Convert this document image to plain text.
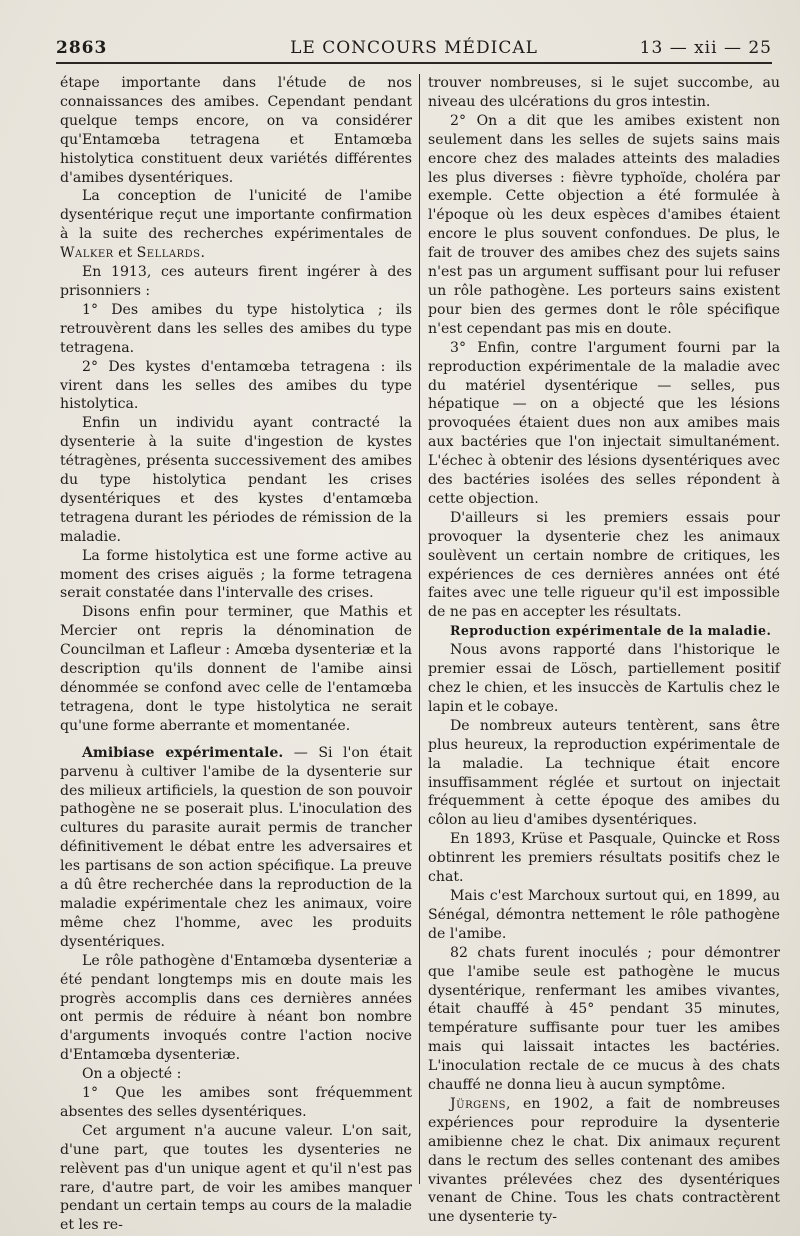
2863	LE CONCOURS MÉDICAL	13 — xii — 25

étape importante dans l'étude de nos connaissances des amibes. Cependant pendant quelque temps encore, on va considérer qu'Entamœba tetragena et Entamœba histolytica constituent deux variétés différentes d'amibes dysentériques.

La conception de l'unicité de l'amibe dysentérique reçut une importante confirmation à la suite des recherches expérimentales de Walker et Sellards.

En 1913, ces auteurs firent ingérer à des prisonniers :

1° Des amibes du type histolytica ; ils retrouvèrent dans les selles des amibes du type tetragena.

2° Des kystes d'entamœba tetragena : ils virent dans les selles des amibes du type histolytica.

Enfin un individu ayant contracté la dysenterie à la suite d'ingestion de kystes tétragènes, présenta successivement des amibes du type histolytica pendant les crises dysentériques et des kystes d'entamœba tetragena durant les périodes de rémission de la maladie.

La forme histolytica est une forme active au moment des crises aiguës ; la forme tetragena serait constatée dans l'intervalle des crises.

Disons enfin pour terminer, que Mathis et Mercier ont repris la dénomination de Councilman et Lafleur : Amœba dysenteriæ et la description qu'ils donnent de l'amibe ainsi dénommée se confond avec celle de l'entamœba tetragena, dont le type histolytica ne serait qu'une forme aberrante et momentanée.

Amibiase expérimentale. — Si l'on était parvenu à cultiver l'amibe de la dysenterie sur des milieux artificiels, la question de son pouvoir pathogène ne se poserait plus. L'inoculation des cultures du parasite aurait permis de trancher définitivement le débat entre les adversaires et les partisans de son action spécifique. La preuve a dû être recherchée dans la reproduction de la maladie expérimentale chez les animaux, voire même chez l'homme, avec les produits dysentériques.

Le rôle pathogène d'Entamœba dysenteriæ a été pendant longtemps mis en doute mais les progrès accomplis dans ces dernières années ont permis de réduire à néant bon nombre d'arguments invoqués contre l'action nocive d'Entamœba dysenteriæ.

On a objecté :

1° Que les amibes sont fréquemment absentes des selles dysentériques.

Cet argument n'a aucune valeur. L'on sait, d'une part, que toutes les dysenteries ne relèvent pas d'un unique agent et qu'il n'est pas rare, d'autre part, de voir les amibes manquer pendant un certain temps au cours de la maladie et les re-

trouver nombreuses, si le sujet succombe, au niveau des ulcérations du gros intestin.

2° On a dit que les amibes existent non seulement dans les selles de sujets sains mais encore chez des malades atteints des maladies les plus diverses : fièvre typhoïde, choléra par exemple. Cette objection a été formulée à l'époque où les deux espèces d'amibes étaient encore le plus souvent confondues. De plus, le fait de trouver des amibes chez des sujets sains n'est pas un argument suffisant pour lui refuser un rôle pathogène. Les porteurs sains existent pour bien des germes dont le rôle spécifique n'est cependant pas mis en doute.

3° Enfin, contre l'argument fourni par la reproduction expérimentale de la maladie avec du matériel dysentérique — selles, pus hépatique — on a objecté que les lésions provoquées étaient dues non aux amibes mais aux bactéries que l'on injectait simultanément. L'échec à obtenir des lésions dysentériques avec des bactéries isolées des selles répondent à cette objection.

D'ailleurs si les premiers essais pour provoquer la dysenterie chez les animaux soulèvent un certain nombre de critiques, les expériences de ces dernières années ont été faites avec une telle rigueur qu'il est impossible de ne pas en accepter les résultats.

Reproduction expérimentale de la maladie.

Nous avons rapporté dans l'historique le premier essai de Lösch, partiellement positif chez le chien, et les insuccès de Kartulis chez le lapin et le cobaye.

De nombreux auteurs tentèrent, sans être plus heureux, la reproduction expérimentale de la maladie. La technique était encore insuffisamment réglée et surtout on injectait fréquemment à cette époque des amibes du côlon au lieu d'amibes dysentériques.

En 1893, Krüse et Pasquale, Quincke et Ross obtinrent les premiers résultats positifs chez le chat.

Mais c'est Marchoux surtout qui, en 1899, au Sénégal, démontra nettement le rôle pathogène de l'amibe.

82 chats furent inoculés ; pour démontrer que l'amibe seule est pathogène le mucus dysentérique, renfermant les amibes vivantes, était chauffé à 45° pendant 35 minutes, température suffisante pour tuer les amibes mais qui laissait intactes les bactéries. L'inoculation rectale de ce mucus à des chats chauffé ne donna lieu à aucun symptôme.

Jürgens, en 1902, a fait de nombreuses expériences pour reproduire la dysenterie amibienne chez le chat. Dix animaux reçurent dans le rectum des selles contenant des amibes vivantes prélevées chez des dysentériques venant de Chine. Tous les chats contractèrent une dysenterie ty-
